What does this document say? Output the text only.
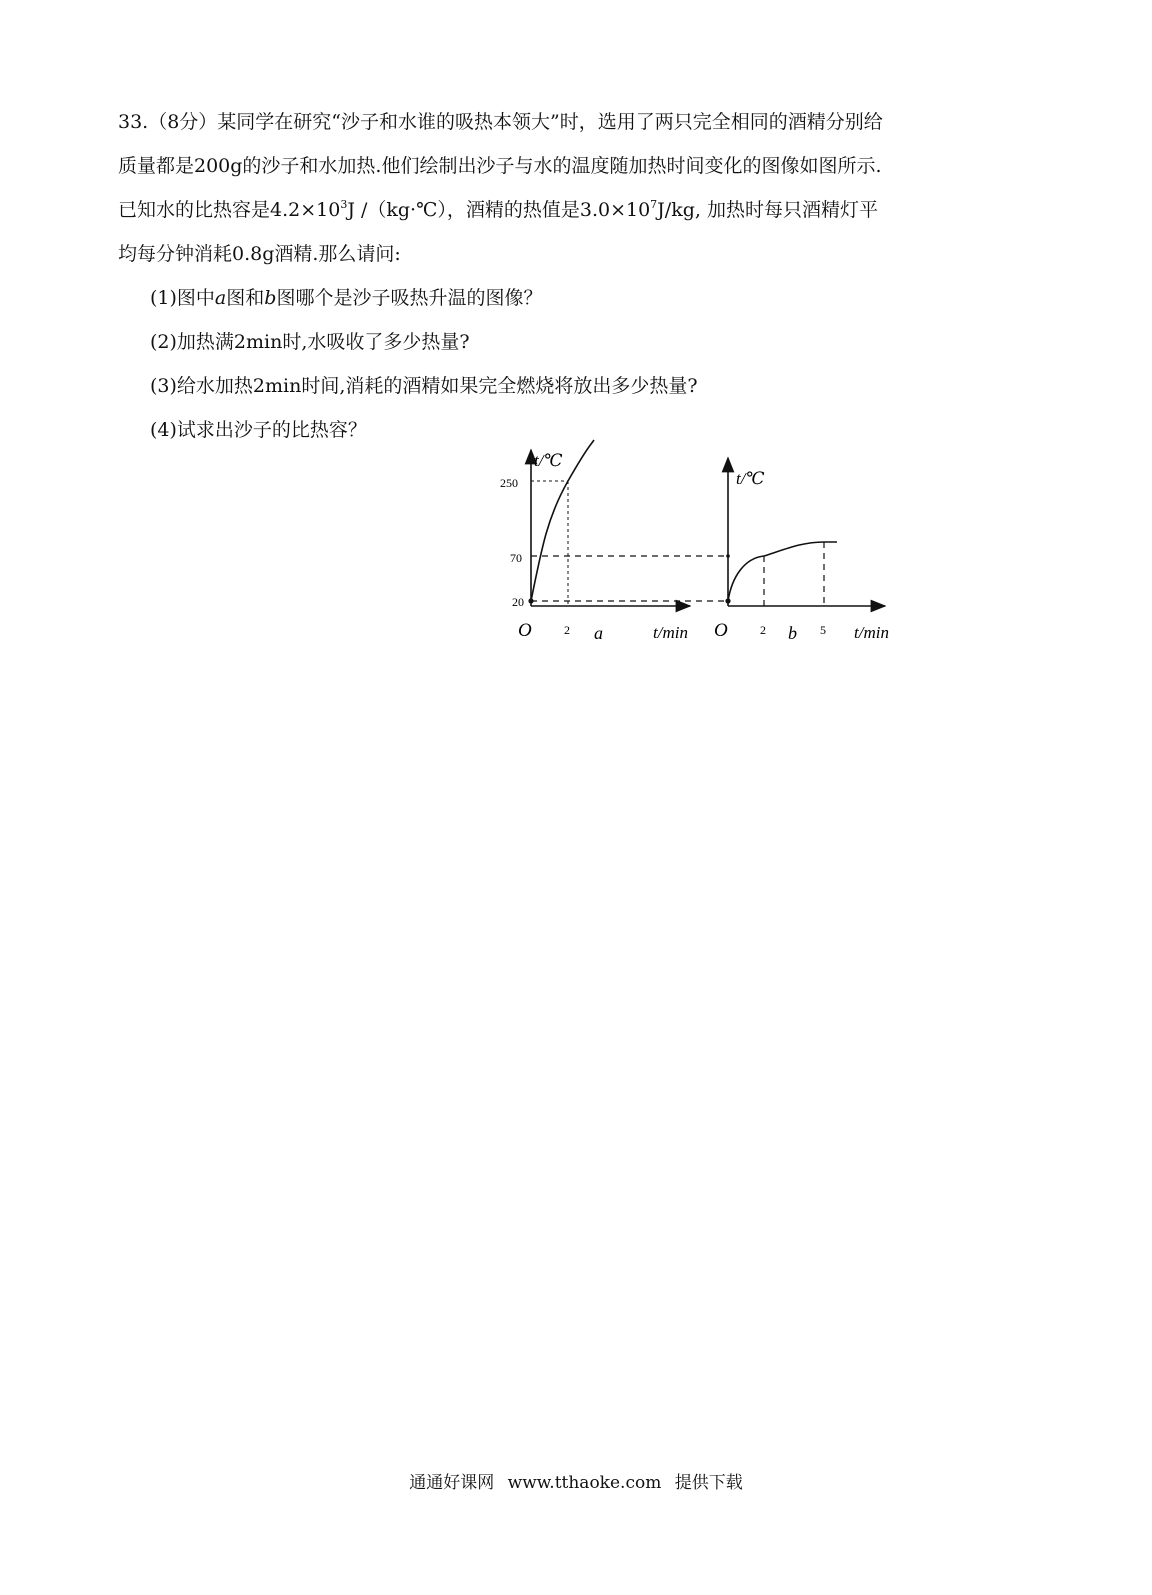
33.（8分）某同学在研究“沙子和水谁的吸热本领大”时，选用了两只完全相同的酒精分别给
质量都是200g的沙子和水加热.他们绘制出沙子与水的温度随加热时间变化的图像如图所示.
已知水的比热容是$4.2\times 10^3J$ /（kg·℃），酒精的热值是$3.0\times 10^7J/kg$, 加热时每只酒精灯平
均每分钟消耗0.8g酒精.那么请问:
(1)图中a图和b图哪个是沙子吸热升温的图像？
(2)加热满2min时,水吸收了多少热量?
(3)给水加热2min时间,消耗的酒精如果完全燃烧将放出多少热量?
(4)试求出沙子的比热容？
t/℃
250
70
20
O	2 a	t/min
t/℃
O	2 b 5 t/min
通通好课网 www.tthaoke.com 提供下载
